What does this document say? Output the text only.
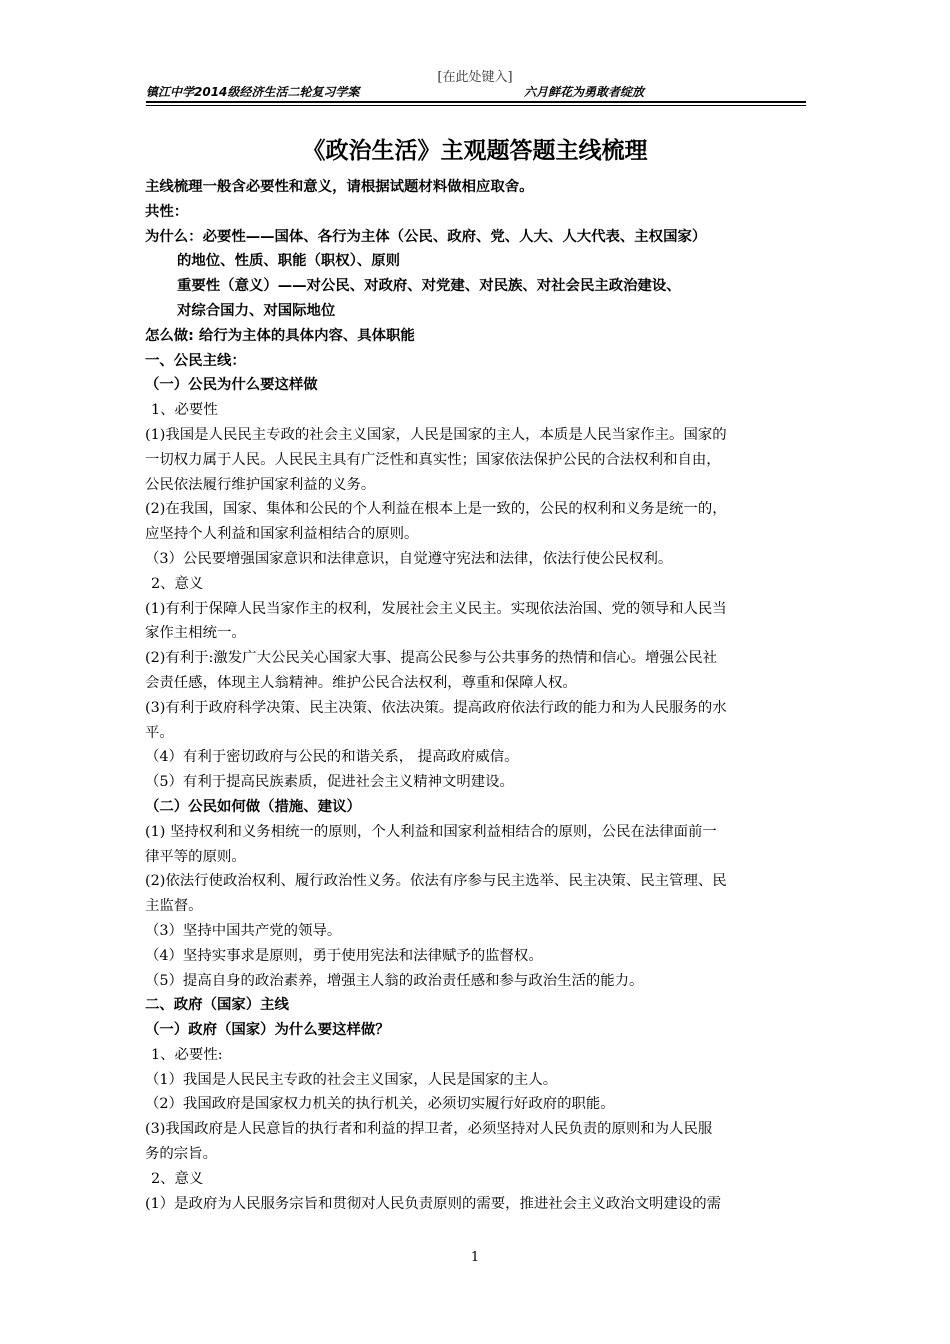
[在此处键入]
镇江中学2014级经济生活二轮复习学案	六月鲜花为勇敢者绽放
《政治生活》主观题答题主线梳理
主线梳理一般含必要性和意义，请根据试题材料做相应取舍。
共性：
为什么：必要性——国体、各行为主体（公民、政府、党、人大、人大代表、主权国家）
的地位、性质、职能（职权）、原则
重要性（意义）——对公民、对政府、对党建、对民族、对社会民主政治建设、
对综合国力、对国际地位
怎么做: 给行为主体的具体内容、具体职能
一、公民主线：
（一）公民为什么要这样做
1、必要性
(1)我国是人民民主专政的社会主义国家，人民是国家的主人，本质是人民当家作主。国家的
一切权力属于人民。人民民主具有广泛性和真实性；国家依法保护公民的合法权利和自由，
公民依法履行维护国家利益的义务。
(2)在我国，国家、集体和公民的个人利益在根本上是一致的，公民的权利和义务是统一的，
应坚持个人利益和国家利益相结合的原则。
（3）公民要增强国家意识和法律意识，自觉遵守宪法和法律，依法行使公民权利。
2、意义
(1)有利于保障人民当家作主的权利，发展社会主义民主。实现依法治国、党的领导和人民当
家作主相统一。
(2)有利于:激发广大公民关心国家大事、提高公民参与公共事务的热情和信心。增强公民社
会责任感，体现主人翁精神。维护公民合法权利，尊重和保障人权。
(3)有利于政府科学决策、民主决策、依法决策。提高政府依法行政的能力和为人民服务的水
平。
（4）有利于密切政府与公民的和谐关系， 提高政府威信。
（5）有利于提高民族素质，促进社会主义精神文明建设。
（二）公民如何做（措施、建议）
(1) 坚持权利和义务相统一的原则，个人利益和国家利益相结合的原则，公民在法律面前一
律平等的原则。
(2)依法行使政治权利、履行政治性义务。依法有序参与民主选举、民主决策、民主管理、民
主监督。
（3）坚持中国共产党的领导。
（4）坚持实事求是原则，勇于使用宪法和法律赋予的监督权。
（5）提高自身的政治素养，增强主人翁的政治责任感和参与政治生活的能力。
二、政府（国家）主线
（一）政府（国家）为什么要这样做？
1、必要性:
（1）我国是人民民主专政的社会主义国家，人民是国家的主人。
（2）我国政府是国家权力机关的执行机关，必须切实履行好政府的职能。
(3)我国政府是人民意旨的执行者和利益的捍卫者，必须坚持对人民负责的原则和为人民服
务的宗旨。
2、意义
(1）是政府为人民服务宗旨和贯彻对人民负责原则的需要，推进社会主义政治文明建设的需
1
